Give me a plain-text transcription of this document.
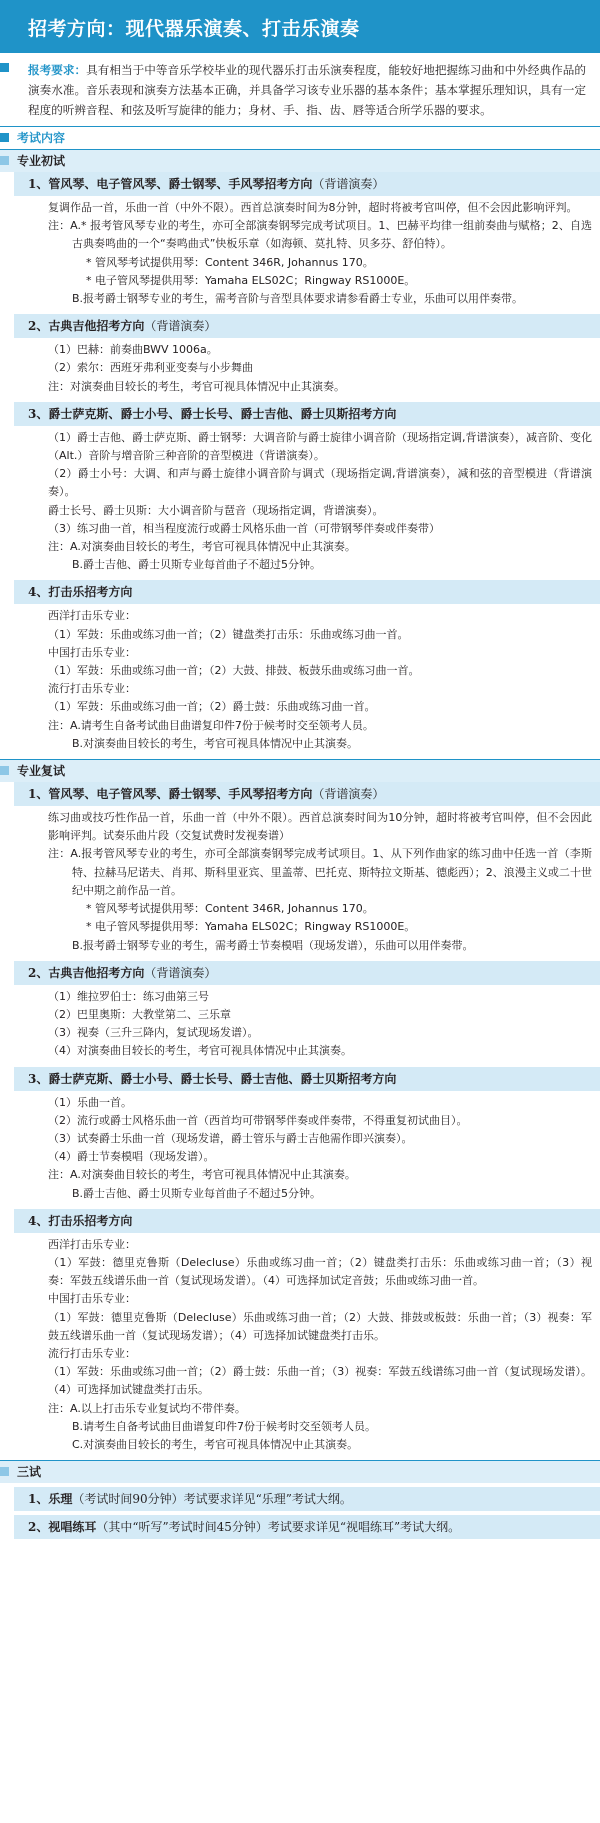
招考方向：现代器乐演奏、打击乐演奏

报考要求：具有相当于中等音乐学校毕业的现代器乐打击乐演奏程度，能较好地把握练习曲和中外经典作品的演奏水准。音乐表现和演奏方法基本正确，并具备学习该专业乐器的基本条件；基本掌握乐理知识，具有一定程度的听辨音程、和弦及听写旋律的能力；身材、手、指、齿、唇等适合所学乐器的要求。

考试内容
专业初试
1、管风琴、电子管风琴、爵士钢琴、手风琴招考方向（背谱演奏）

复调作品一首，乐曲一首（中外不限）。西首总演奏时间为8分钟，超时将被考官叫停，但不会因此影响评判。

注：A.* 报考管风琴专业的考生，亦可全部演奏钢琴完成考试项目。1、巴赫平均律一组前奏曲与赋格；2、自选古典奏鸣曲的一个“奏鸣曲式”快板乐章（如海顿、莫扎特、贝多芬、舒伯特）。

* 管风琴考试提供用琴：Content 346R, Johannus 170。

* 电子管风琴提供用琴：Yamaha ELS02C；Ringway RS1000E。

B.报考爵士钢琴专业的考生，需考音阶与音型具体要求请参看爵士专业，乐曲可以用伴奏带。

2、古典吉他招考方向（背谱演奏）

（1）巴赫：前奏曲BWV 1006a。

（2）索尔：西班牙弗利亚变奏与小步舞曲

注：对演奏曲目较长的考生，考官可视具体情况中止其演奏。

3、爵士萨克斯、爵士小号、爵士长号、爵士吉他、爵士贝斯招考方向

（1）爵士吉他、爵士萨克斯、爵士钢琴：大调音阶与爵士旋律小调音阶（现场指定调,背谱演奏），减音阶、变化（Alt.）音阶与增音阶三种音阶的音型模进（背谱演奏）。

（2）爵士小号：大调、和声与爵士旋律小调音阶与调式（现场指定调,背谱演奏），减和弦的音型模进（背谱演奏）。

爵士长号、爵士贝斯：大小调音阶与琶音（现场指定调，背谱演奏）。

（3）练习曲一首，相当程度流行或爵士风格乐曲一首（可带钢琴伴奏或伴奏带）

注：A.对演奏曲目较长的考生，考官可视具体情况中止其演奏。

B.爵士吉他、爵士贝斯专业每首曲子不超过5分钟。

4、打击乐招考方向

西洋打击乐专业：

（1）军鼓：乐曲或练习曲一首；（2）键盘类打击乐：乐曲或练习曲一首。

中国打击乐专业：

（1）军鼓：乐曲或练习曲一首；（2）大鼓、排鼓、板鼓乐曲或练习曲一首。

流行打击乐专业：

（1）军鼓：乐曲或练习曲一首；（2）爵士鼓：乐曲或练习曲一首。

注：A.请考生自备考试曲目曲谱复印件7份于候考时交至领考人员。

B.对演奏曲目较长的考生，考官可视具体情况中止其演奏。

专业复试
1、管风琴、电子管风琴、爵士钢琴、手风琴招考方向（背谱演奏）

练习曲或技巧性作品一首，乐曲一首（中外不限）。西首总演奏时间为10分钟，超时将被考官叫停，但不会因此影响评判。试奏乐曲片段（交复试费时发视奏谱）

注：A.报考管风琴专业的考生，亦可全部演奏钢琴完成考试项目。1、从下列作曲家的练习曲中任选一首（李斯特、拉赫马尼诺夫、肖邦、斯科里亚宾、里盖蒂、巴托克、斯特拉文斯基、德彪西）；2、浪漫主义或二十世纪中期之前作品一首。

* 管风琴考试提供用琴：Content 346R, Johannus 170。

* 电子管风琴提供用琴：Yamaha ELS02C；Ringway RS1000E。

B.报考爵士钢琴专业的考生，需考爵士节奏模唱（现场发谱），乐曲可以用伴奏带。

2、古典吉他招考方向（背谱演奏）

（1）维拉罗伯士：练习曲第三号

（2）巴里奥斯：大教堂第二、三乐章

（3）视奏（三升三降内，复试现场发谱）。

（4）对演奏曲目较长的考生，考官可视具体情况中止其演奏。

3、爵士萨克斯、爵士小号、爵士长号、爵士吉他、爵士贝斯招考方向

（1）乐曲一首。

（2）流行或爵士风格乐曲一首（西首均可带钢琴伴奏或伴奏带，不得重复初试曲目）。

（3）试奏爵士乐曲一首（现场发谱，爵士管乐与爵士吉他需作即兴演奏）。

（4）爵士节奏模唱（现场发谱）。

注：A.对演奏曲目较长的考生，考官可视具体情况中止其演奏。

B.爵士吉他、爵士贝斯专业每首曲子不超过5分钟。

4、打击乐招考方向

西洋打击乐专业：

（1）军鼓：德里克鲁斯（Delecluse）乐曲或练习曲一首；（2）键盘类打击乐：乐曲或练习曲一首；（3）视奏：军鼓五线谱乐曲一首（复试现场发谱）。（4）可选择加试定音鼓；乐曲或练习曲一首。

中国打击乐专业：

（1）军鼓：德里克鲁斯（Delecluse）乐曲或练习曲一首；（2）大鼓、排鼓或板鼓：乐曲一首；（3）视奏：军鼓五线谱乐曲一首（复试现场发谱）；（4）可选择加试键盘类打击乐。

流行打击乐专业：

（1）军鼓：乐曲或练习曲一首；（2）爵士鼓：乐曲一首；（3）视奏：军鼓五线谱练习曲一首（复试现场发谱）。（4）可选择加试键盘类打击乐。

注：A.以上打击乐专业复试均不带伴奏。

B.请考生自备考试曲目曲谱复印件7份于候考时交至领考人员。

C.对演奏曲目较长的考生，考官可视具体情况中止其演奏。

三试
1、乐理（考试时间90分钟）考试要求详见“乐理”考试大纲。
2、视唱练耳（其中“听写”考试时间45分钟）考试要求详见“视唱练耳”考试大纲。
